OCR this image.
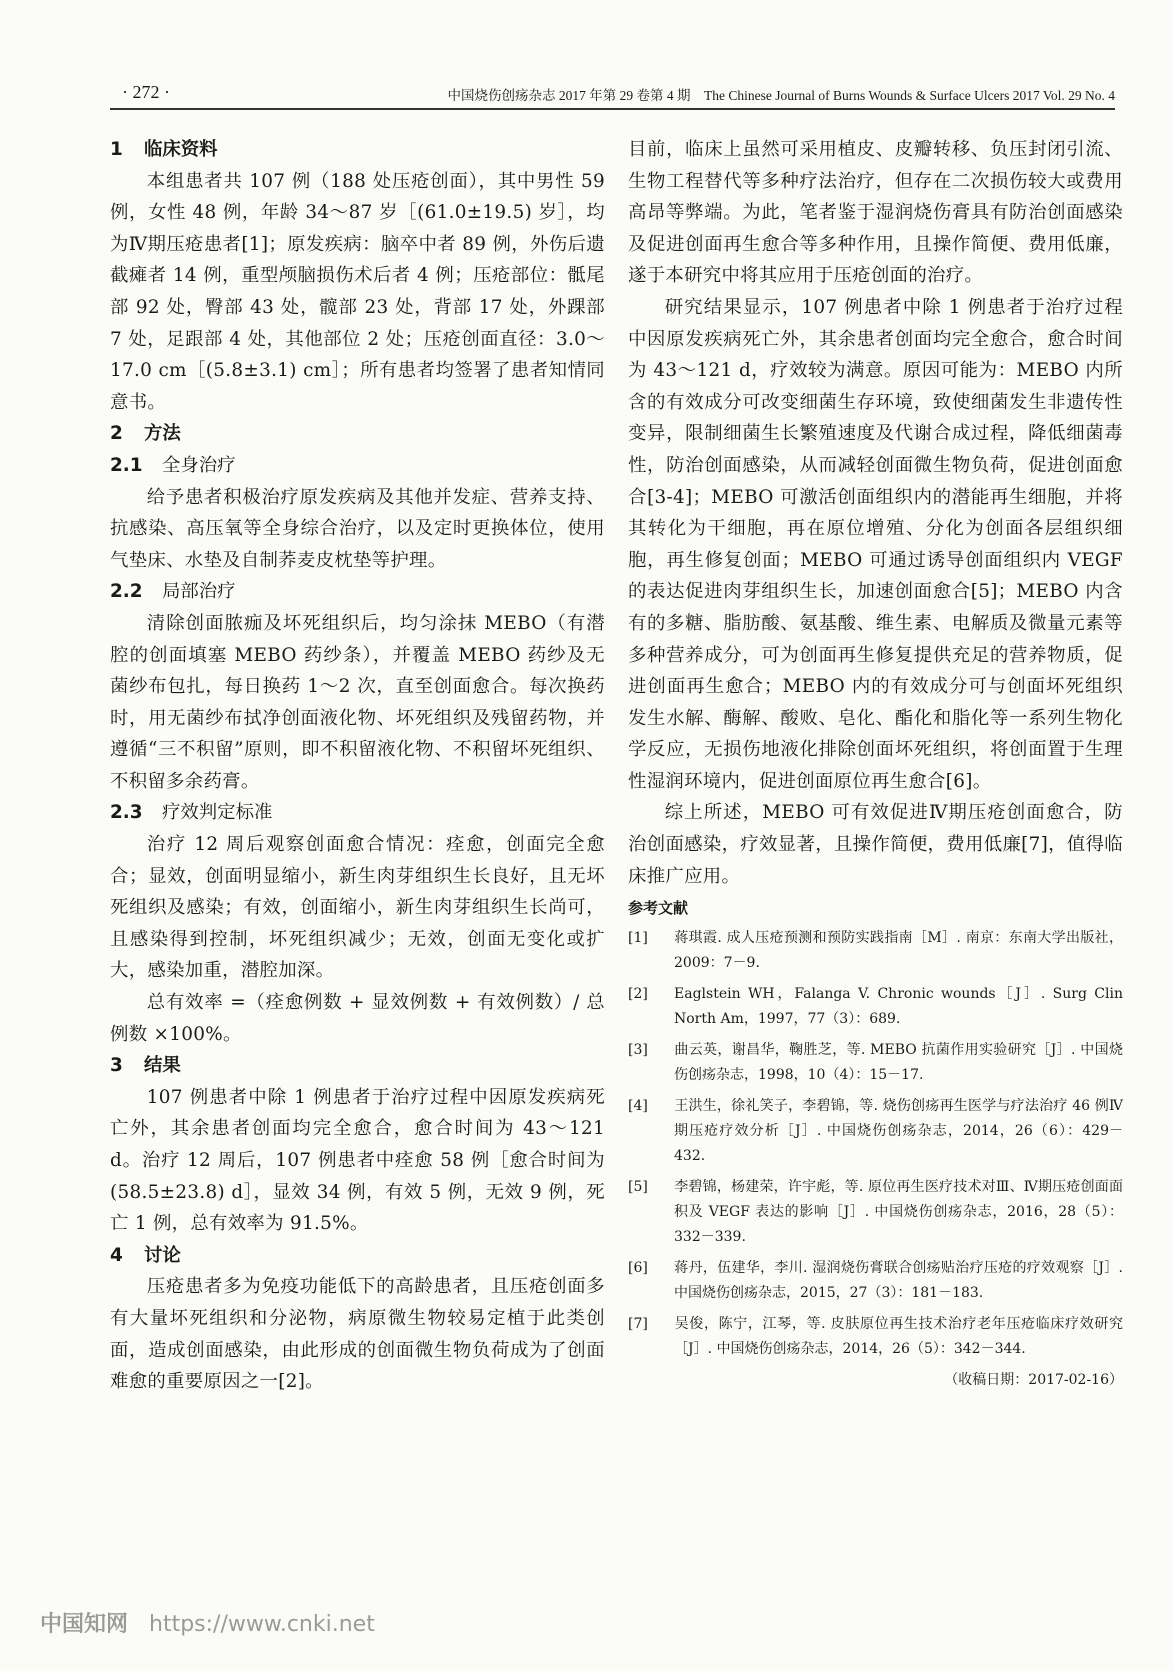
· 272 ·	中国烧伤创疡杂志 2017 年第 29 卷第 4 期　The Chinese Journal of Burns Wounds & Surface Ulcers 2017 Vol. 29 No. 4

1 临床资料

本组患者共 107 例（188 处压疮创面），其中男性 59 例，女性 48 例，年龄 34～87 岁［(61.0±19.5) 岁］，均为Ⅳ期压疮患者[1]；原发疾病：脑卒中者 89 例，外伤后遗截瘫者 14 例，重型颅脑损伤术后者 4 例；压疮部位：骶尾部 92 处，臀部 43 处，髋部 23 处，背部 17 处，外踝部 7 处，足跟部 4 处，其他部位 2 处；压疮创面直径：3.0～17.0 cm［(5.8±3.1) cm］；所有患者均签署了患者知情同意书。

2 方法

2.1 全身治疗

给予患者积极治疗原发疾病及其他并发症、营养支持、抗感染、高压氧等全身综合治疗，以及定时更换体位，使用气垫床、水垫及自制荞麦皮枕垫等护理。

2.2 局部治疗

清除创面脓痂及坏死组织后，均匀涂抹 MEBO（有潜腔的创面填塞 MEBO 药纱条），并覆盖 MEBO 药纱及无菌纱布包扎，每日换药 1～2 次，直至创面愈合。每次换药时，用无菌纱布拭净创面液化物、坏死组织及残留药物，并遵循“三不积留”原则，即不积留液化物、不积留坏死组织、不积留多余药膏。

2.3 疗效判定标准

治疗 12 周后观察创面愈合情况：痊愈，创面完全愈合；显效，创面明显缩小，新生肉芽组织生长良好，且无坏死组织及感染；有效，创面缩小，新生肉芽组织生长尚可，且感染得到控制，坏死组织减少；无效，创面无变化或扩大，感染加重，潜腔加深。

总有效率 =（痊愈例数 + 显效例数 + 有效例数）/ 总例数 ×100%。

3 结果

107 例患者中除 1 例患者于治疗过程中因原发疾病死亡外，其余患者创面均完全愈合，愈合时间为 43～121 d。治疗 12 周后，107 例患者中痊愈 58 例［愈合时间为 (58.5±23.8) d］，显效 34 例，有效 5 例，无效 9 例，死亡 1 例，总有效率为 91.5%。

4 讨论

压疮患者多为免疫功能低下的高龄患者，且压疮创面多有大量坏死组织和分泌物，病原微生物较易定植于此类创面，造成创面感染，由此形成的创面微生物负荷成为了创面难愈的重要原因之一[2]。

目前，临床上虽然可采用植皮、皮瓣转移、负压封闭引流、生物工程替代等多种疗法治疗，但存在二次损伤较大或费用高昂等弊端。为此，笔者鉴于湿润烧伤膏具有防治创面感染及促进创面再生愈合等多种作用，且操作简便、费用低廉，遂于本研究中将其应用于压疮创面的治疗。

研究结果显示，107 例患者中除 1 例患者于治疗过程中因原发疾病死亡外，其余患者创面均完全愈合，愈合时间为 43～121 d，疗效较为满意。原因可能为：MEBO 内所含的有效成分可改变细菌生存环境，致使细菌发生非遗传性变异，限制细菌生长繁殖速度及代谢合成过程，降低细菌毒性，防治创面感染，从而减轻创面微生物负荷，促进创面愈合[3-4]；MEBO 可激活创面组织内的潜能再生细胞，并将其转化为干细胞，再在原位增殖、分化为创面各层组织细胞，再生修复创面；MEBO 可通过诱导创面组织内 VEGF 的表达促进肉芽组织生长，加速创面愈合[5]；MEBO 内含有的多糖、脂肪酸、氨基酸、维生素、电解质及微量元素等多种营养成分，可为创面再生修复提供充足的营养物质，促进创面再生愈合；MEBO 内的有效成分可与创面坏死组织发生水解、酶解、酸败、皂化、酯化和脂化等一系列生物化学反应，无损伤地液化排除创面坏死组织，将创面置于生理性湿润环境内，促进创面原位再生愈合[6]。

综上所述，MEBO 可有效促进Ⅳ期压疮创面愈合，防治创面感染，疗效显著，且操作简便，费用低廉[7]，值得临床推广应用。

参考文献

[1] 蒋琪霞. 成人压疮预测和预防实践指南［M］. 南京：东南大学出版社，2009：7－9.

[2] Eaglstein WH，Falanga V. Chronic wounds［J］. Surg Clin North Am，1997，77（3）：689.

[3] 曲云英，谢昌华，鞠胜芝，等. MEBO 抗菌作用实验研究［J］. 中国烧伤创疡杂志，1998，10（4）：15－17.

[4] 王洪生，徐礼笑子，李碧锦，等. 烧伤创疡再生医学与疗法治疗 46 例Ⅳ期压疮疗效分析［J］. 中国烧伤创疡杂志，2014，26（6）：429－432.

[5] 李碧锦，杨建荣，许宇彪，等. 原位再生医疗技术对Ⅲ、Ⅳ期压疮创面面积及 VEGF 表达的影响［J］. 中国烧伤创疡杂志，2016，28（5）：332－339.

[6] 蒋丹，伍建华，李川. 湿润烧伤膏联合创疡贴治疗压疮的疗效观察［J］. 中国烧伤创疡杂志，2015，27（3）：181－183.

[7] 吴俊，陈宁，江琴，等. 皮肤原位再生技术治疗老年压疮临床疗效研究［J］. 中国烧伤创疡杂志，2014，26（5）：342－344.

（收稿日期：2017-02-16）

中国知网 https://www.cnki.net
